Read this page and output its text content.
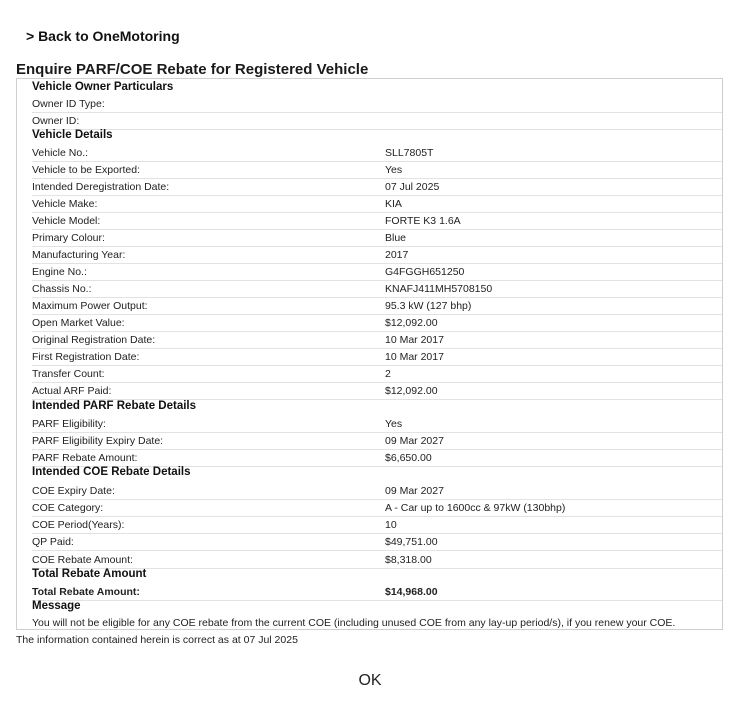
> Back to OneMotoring
Enquire PARF/COE Rebate for Registered Vehicle
Vehicle Owner Particulars
Owner ID Type:
Owner ID:
Vehicle Details
Vehicle No.:	SLL7805T
Vehicle to be Exported:	Yes
Intended Deregistration Date:	07 Jul 2025
Vehicle Make:	KIA
Vehicle Model:	FORTE K3 1.6A
Primary Colour:	Blue
Manufacturing Year:	2017
Engine No.:	G4FGGH651250
Chassis No.:	KNAFJ411MH5708150
Maximum Power Output:	95.3 kW (127 bhp)
Open Market Value:	$12,092.00
Original Registration Date:	10 Mar 2017
First Registration Date:	10 Mar 2017
Transfer Count:	2
Actual ARF Paid:	$12,092.00
Intended PARF Rebate Details
PARF Eligibility:	Yes
PARF Eligibility Expiry Date:	09 Mar 2027
PARF Rebate Amount:	$6,650.00
Intended COE Rebate Details
COE Expiry Date:	09 Mar 2027
COE Category:	A - Car up to 1600cc & 97kW (130bhp)
COE Period(Years):	10
QP Paid:	$49,751.00
COE Rebate Amount:	$8,318.00
Total Rebate Amount
Total Rebate Amount:	$14,968.00
Message
You will not be eligible for any COE rebate from the current COE (including unused COE from any lay-up period/s), if you renew your COE.
The information contained herein is correct as at 07 Jul 2025
OK
